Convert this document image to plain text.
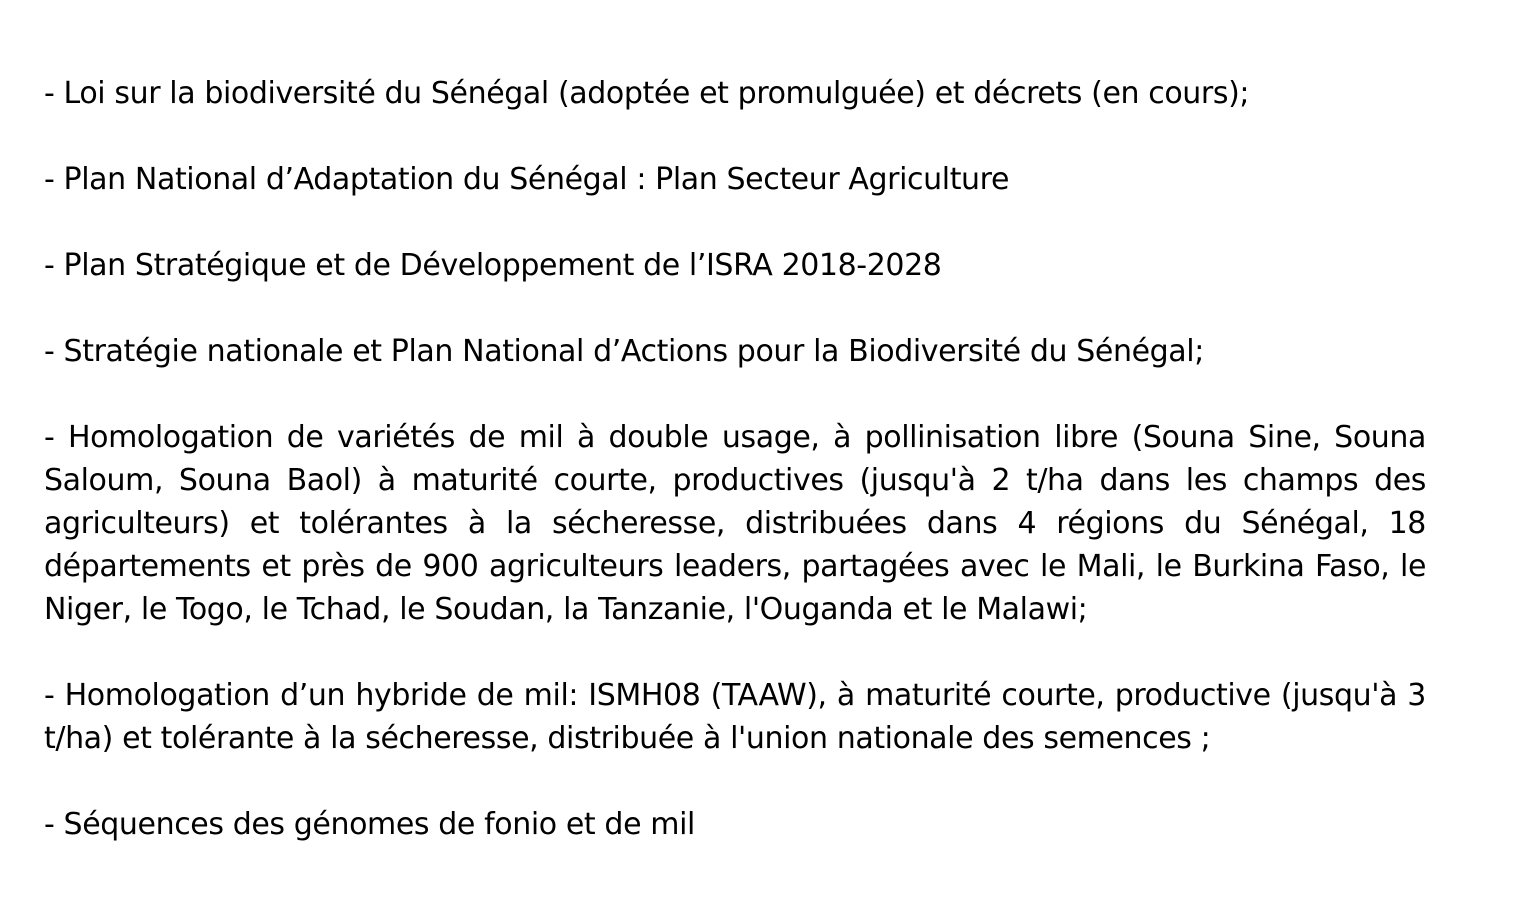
- Loi sur la biodiversité du Sénégal (adoptée et promulguée) et décrets (en cours);

- Plan National d’Adaptation du Sénégal : Plan Secteur Agriculture

- Plan Stratégique et de Développement de l’ISRA 2018-2028

- Stratégie nationale et Plan National d’Actions pour la Biodiversité du Sénégal;

- Homologation de variétés de mil à double usage, à pollinisation libre (Souna Sine, Souna Saloum, Souna Baol) à maturité courte, productives (jusqu'à 2 t/ha dans les champs des agriculteurs) et tolérantes à la sécheresse, distribuées dans 4 régions du Sénégal, 18 départements et près de 900 agriculteurs leaders, partagées avec le Mali, le Burkina Faso, le Niger, le Togo, le Tchad, le Soudan, la Tanzanie, l'Ouganda et le Malawi;

- Homologation d’un hybride de mil: ISMH08 (TAAW), à maturité courte, productive (jusqu'à 3 t/ha) et tolérante à la sécheresse, distribuée à l'union nationale des semences ;

- Séquences des génomes de fonio et de mil
